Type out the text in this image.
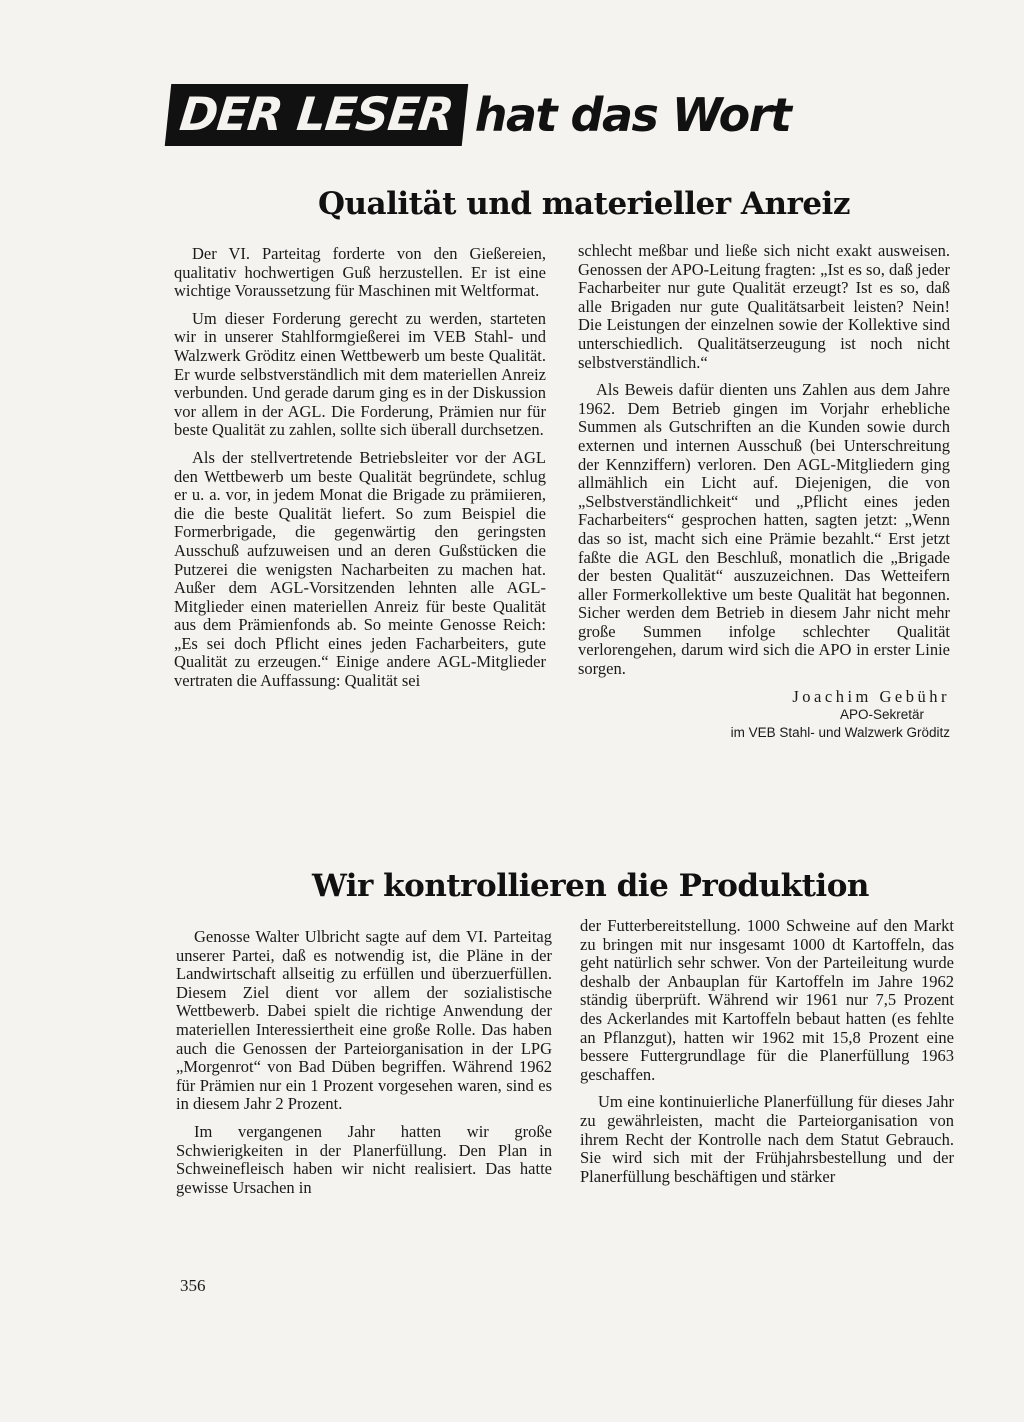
DER LESER hat das Wort
Qualität und materieller Anreiz

Der VI. Parteitag forderte von den Gießereien, qualitativ hochwertigen Guß herzustellen. Er ist eine wichtige Voraussetzung für Maschinen mit Weltformat.

Um dieser Forderung gerecht zu werden, starteten wir in unserer Stahlformgießerei im VEB Stahl- und Walzwerk Gröditz einen Wettbewerb um beste Qualität. Er wurde selbstverständlich mit dem materiellen Anreiz verbunden. Und gerade darum ging es in der Diskussion vor allem in der AGL. Die Forderung, Prämien nur für beste Qualität zu zahlen, sollte sich überall durchsetzen.

Als der stellvertretende Betriebsleiter vor der AGL den Wettbewerb um beste Qualität begründete, schlug er u. a. vor, in jedem Monat die Brigade zu prämiieren, die die beste Qualität liefert. So zum Beispiel die Formerbrigade, die gegenwärtig den geringsten Ausschuß aufzuweisen und an deren Gußstücken die Putzerei die wenigsten Nacharbeiten zu machen hat. Außer dem AGL-Vorsitzenden lehnten alle AGL-Mitglieder einen materiellen Anreiz für beste Qualität aus dem Prämienfonds ab. So meinte Genosse Reich: „Es sei doch Pflicht eines jeden Facharbeiters, gute Qualität zu erzeugen.“ Einige andere AGL-Mitglieder vertraten die Auffassung: Qualität sei

schlecht meßbar und ließe sich nicht exakt ausweisen. Genossen der APO-Leitung fragten: „Ist es so, daß jeder Facharbeiter nur gute Qualität erzeugt? Ist es so, daß alle Brigaden nur gute Qualitätsarbeit leisten? Nein! Die Leistungen der einzelnen sowie der Kollektive sind unterschiedlich. Qualitätserzeugung ist noch nicht selbstverständlich.“

Als Beweis dafür dienten uns Zahlen aus dem Jahre 1962. Dem Betrieb gingen im Vorjahr erhebliche Summen als Gutschriften an die Kunden sowie durch externen und internen Ausschuß (bei Unterschreitung der Kennziffern) verloren. Den AGL-Mitgliedern ging allmählich ein Licht auf. Diejenigen, die von „Selbstverständlichkeit“ und „Pflicht eines jeden Facharbeiters“ gesprochen hatten, sagten jetzt: „Wenn das so ist, macht sich eine Prämie bezahlt.“ Erst jetzt faßte die AGL den Beschluß, monatlich die „Brigade der besten Qualität“ auszuzeichnen. Das Wetteifern aller Formerkollektive um beste Qualität hat begonnen. Sicher werden dem Betrieb in diesem Jahr nicht mehr große Summen infolge schlechter Qualität verlorengehen, darum wird sich die APO in erster Linie sorgen.

Joachim Gebühr
APO-Sekretär
im VEB Stahl- und Walzwerk Gröditz
Wir kontrollieren die Produktion

Genosse Walter Ulbricht sagte auf dem VI. Parteitag unserer Partei, daß es notwendig ist, die Pläne in der Landwirtschaft allseitig zu erfüllen und überzuerfüllen. Diesem Ziel dient vor allem der sozialistische Wettbewerb. Dabei spielt die richtige Anwendung der materiellen Interessiertheit eine große Rolle. Das haben auch die Genossen der Parteiorganisation in der LPG „Morgenrot“ von Bad Düben begriffen. Während 1962 für Prämien nur ein 1 Prozent vorgesehen waren, sind es in diesem Jahr 2 Prozent.

Im vergangenen Jahr hatten wir große Schwierigkeiten in der Planerfüllung. Den Plan in Schweinefleisch haben wir nicht realisiert. Das hatte gewisse Ursachen in

der Futterbereitstellung. 1000 Schweine auf den Markt zu bringen mit nur insgesamt 1000 dt Kartoffeln, das geht natürlich sehr schwer. Von der Parteileitung wurde deshalb der Anbauplan für Kartoffeln im Jahre 1962 ständig überprüft. Während wir 1961 nur 7,5 Prozent des Ackerlandes mit Kartoffeln bebaut hatten (es fehlte an Pflanzgut), hatten wir 1962 mit 15,8 Prozent eine bessere Futtergrundlage für die Planerfüllung 1963 geschaffen.

Um eine kontinuierliche Planerfüllung für dieses Jahr zu gewährleisten, macht die Parteiorganisation von ihrem Recht der Kontrolle nach dem Statut Gebrauch. Sie wird sich mit der Frühjahrsbestellung und der Planerfüllung beschäftigen und stärker

356
